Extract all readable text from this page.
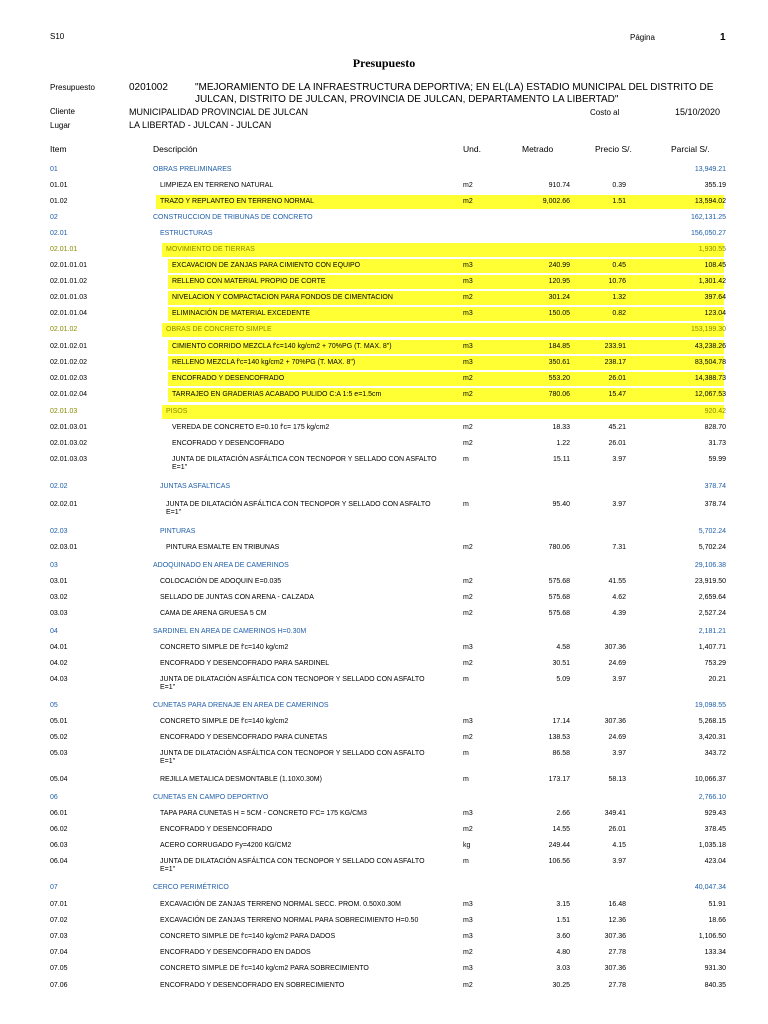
S10	Página	1
Presupuesto
Presupuesto	0201002	"MEJORAMIENTO DE LA INFRAESTRUCTURA DEPORTIVA; EN EL(LA) ESTADIO MUNICIPAL DEL DISTRITO DE JULCAN, DISTRITO DE JULCAN, PROVINCIA DE JULCAN, DEPARTAMENTO LA LIBERTAD"
Cliente	MUNICIPALIDAD PROVINCIAL DE JULCAN	Costo al	15/10/2020
Lugar	LA LIBERTAD - JULCAN - JULCAN
Item	Descripción	Und.	Metrado	Precio S/.	Parcial S/.
01	OBRAS PRELIMINARES	13,949.21
01.01	LIMPIEZA EN TERRENO NATURAL	m2	910.74	0.39	355.19
01.02	TRAZO Y REPLANTEO EN TERRENO NORMAL	m2	9,002.66	1.51	13,594.02
02	CONSTRUCCION DE TRIBUNAS DE CONCRETO	162,131.25
02.01	ESTRUCTURAS	156,050.27
02.01.01	MOVIMIENTO DE TIERRAS	1,930.55
02.01.01.01	EXCAVACION DE ZANJAS PARA CIMIENTO CON EQUIPO	m3	240.99	0.45	108.45
02.01.01.02	RELLENO CON MATERIAL PROPIO DE CORTE	m3	120.95	10.76	1,301.42
02.01.01.03	NIVELACION Y COMPACTACION PARA FONDOS DE CIMENTACION	m2	301.24	1.32	397.64
02.01.01.04	ELIMINACIÓN DE MATERIAL EXCEDENTE	m3	150.05	0.82	123.04
02.01.02	OBRAS DE CONCRETO SIMPLE	153,199.30
02.01.02.01	CIMIENTO CORRIDO MEZCLA f'c=140 kg/cm2 + 70%PG (T. MAX. 8")	m3	184.85	233.91	43,238.26
02.01.02.02	RELLENO MEZCLA f'c=140 kg/cm2 + 70%PG (T. MAX. 8")	m3	350.61	238.17	83,504.78
02.01.02.03	ENCOFRADO Y DESENCOFRADO	m2	553.20	26.01	14,388.73
02.01.02.04	TARRAJEO EN GRADERIAS ACABADO PULIDO C:A 1:5 e=1.5cm	m2	780.06	15.47	12,067.53
02.01.03	PISOS	920.42
02.01.03.01	VEREDA DE CONCRETO E=0.10 f'c= 175 kg/cm2	m2	18.33	45.21	828.70
02.01.03.02	ENCOFRADO Y DESENCOFRADO	m2	1.22	26.01	31.73
02.01.03.03	JUNTA DE DILATACIÓN ASFÁLTICA CON TECNOPOR Y SELLADO CON ASFALTO E=1"
m	15.11	3.97	59.99
02.02	JUNTAS ASFALTICAS	378.74
02.02.01	JUNTA DE DILATACIÓN ASFÁLTICA CON TECNOPOR Y SELLADO CON ASFALTO E=1"
m	95.40	3.97	378.74
02.03	PINTURAS	5,702.24
02.03.01	PINTURA ESMALTE EN TRIBUNAS	m2	780.06	7.31	5,702.24
03	ADOQUINADO EN AREA DE CAMERINOS	29,106.38
03.01	COLOCACIÓN DE ADOQUIN E=0.035	m2	575.68	41.55	23,919.50
03.02	SELLADO DE JUNTAS CON ARENA - CALZADA	m2	575.68	4.62	2,659.64
03.03	CAMA DE ARENA GRUESA 5 CM	m2	575.68	4.39	2,527.24
04	SARDINEL EN AREA DE CAMERINOS H=0.30M	2,181.21
04.01	CONCRETO SIMPLE DE f'c=140 kg/cm2	m3	4.58	307.36	1,407.71
04.02	ENCOFRADO Y DESENCOFRADO PARA SARDINEL	m2	30.51	24.69	753.29
04.03	JUNTA DE DILATACIÓN ASFÁLTICA CON TECNOPOR Y SELLADO CON ASFALTO E=1"
m	5.09	3.97	20.21
05	CUNETAS PARA DRENAJE EN AREA DE CAMERINOS	19,098.55
05.01	CONCRETO SIMPLE DE f'c=140 kg/cm2	m3	17.14	307.36	5,268.15
05.02	ENCOFRADO Y DESENCOFRADO PARA CUNETAS	m2	138.53	24.69	3,420.31
05.03	JUNTA DE DILATACIÓN ASFÁLTICA CON TECNOPOR Y SELLADO CON ASFALTO E=1"
m	86.58	3.97	343.72
05.04	REJILLA METALICA DESMONTABLE (1.10X0.30M)	m	173.17	58.13	10,066.37
06	CUNETAS EN CAMPO DEPORTIVO	2,766.10
06.01	TAPA PARA CUNETAS H = 5CM - CONCRETO F'C= 175 KG/CM3	m3	2.66	349.41	929.43
06.02	ENCOFRADO Y DESENCOFRADO	m2	14.55	26.01	378.45
06.03	ACERO CORRUGADO Fy=4200 KG/CM2	kg	249.44	4.15	1,035.18
06.04	JUNTA DE DILATACIÓN ASFÁLTICA CON TECNOPOR Y SELLADO CON ASFALTO E=1"
m	106.56	3.97	423.04
07	CERCO PERIMÉTRICO	40,047.34
07.01	EXCAVACIÓN DE ZANJAS TERRENO NORMAL SECC. PROM. 0.50X0.30M	m3	3.15	16.48	51.91
07.02	EXCAVACIÓN DE ZANJAS TERRENO NORMAL PARA SOBRECIMIENTO H=0.50	m3	1.51	12.36	18.66
07.03	CONCRETO SIMPLE DE f'c=140 kg/cm2 PARA DADOS	m3	3.60	307.36	1,106.50
07.04	ENCOFRADO Y DESENCOFRADO EN DADOS	m2	4.80	27.78	133.34
07.05	CONCRETO SIMPLE DE f'c=140 kg/cm2 PARA SOBRECIMIENTO	m3	3.03	307.36	931.30
07.06	ENCOFRADO Y DESENCOFRADO EN SOBRECIMIENTO	m2	30.25	27.78	840.35
